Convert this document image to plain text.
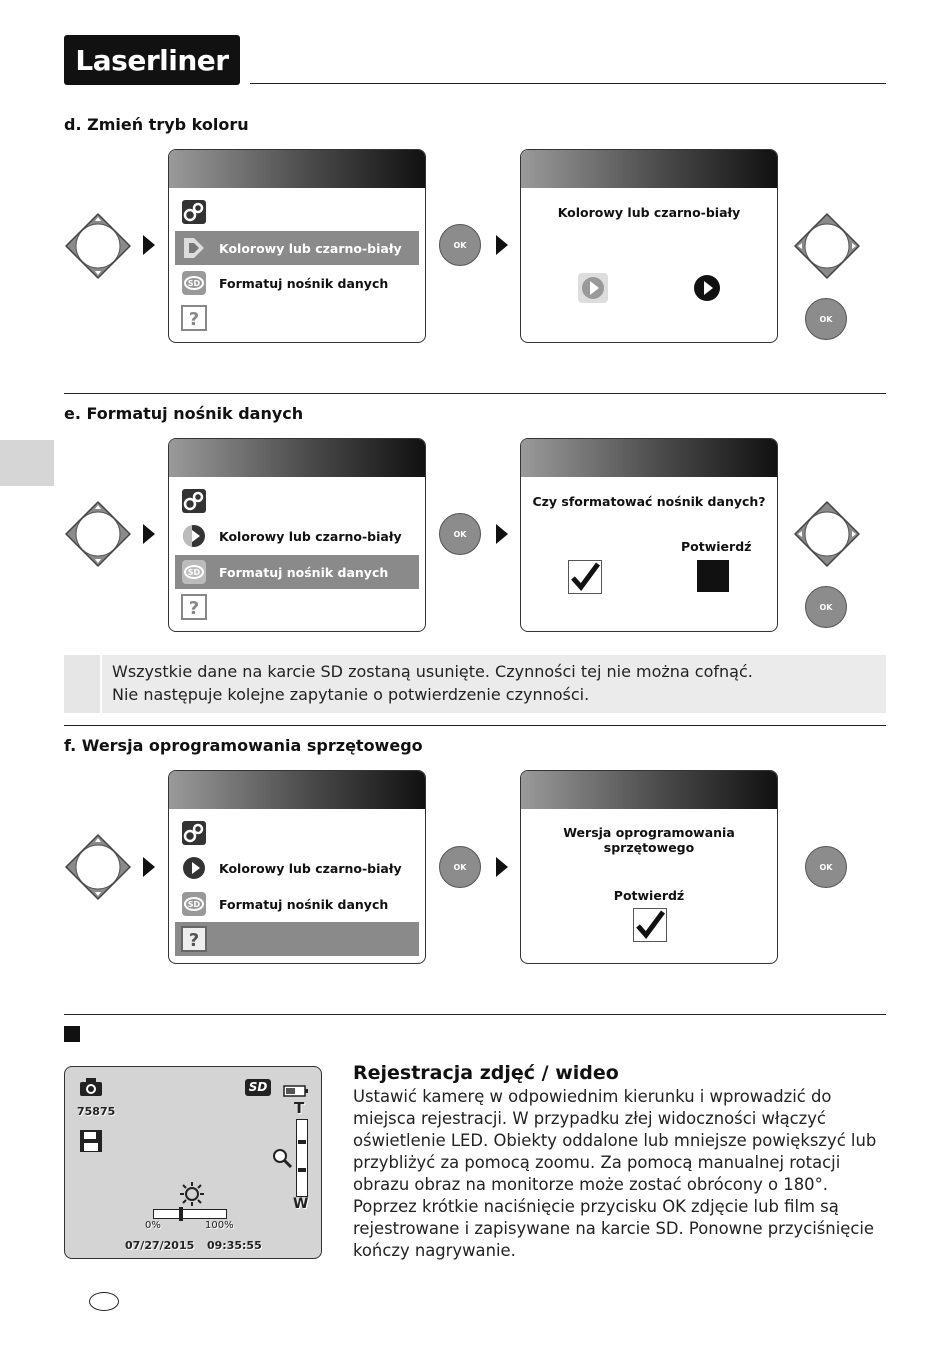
Laserliner
d. Zmień tryb koloru
Kolorowy lub czarno-biały
SD Formatuj nośnik danych
?
OK
Kolorowy lub czarno-biały
OK
e. Formatuj nośnik danych
Kolorowy lub czarno-biały
SD Formatuj nośnik danych
?
OK
Czy sformatować nośnik danych?
Potwierdź
OK
Wszystkie dane na karcie SD zostaną usunięte. Czynności tej nie można cofnąć.
Nie następuje kolejne zapytanie o potwierdzenie czynności.
f. Wersja oprogramowania sprzętowego
Kolorowy lub czarno-biały
SD Formatuj nośnik danych
?
OK
Wersja oprogramowania sprzętowego
Potwierdź
OK
75875
SD
T
W
0%	100%
07/27/2015 09:35:55
Rejestracja zdjęć / wideo
Ustawić kamerę w odpowiednim kierunku i wprowadzić do miejsca rejestracji. W przypadku złej widoczności włączyć oświetlenie LED. Obiekty oddalone lub mniejsze powiększyć lub przybliżyć za pomocą zoomu. Za pomocą manualnej rotacji obrazu obraz na monitorze może zostać obrócony o 180°. Poprzez krótkie naciśnięcie przycisku OK zdjęcie lub film są rejestrowane i zapisywane na karcie SD. Ponowne przyciśnięcie kończy nagrywanie.
